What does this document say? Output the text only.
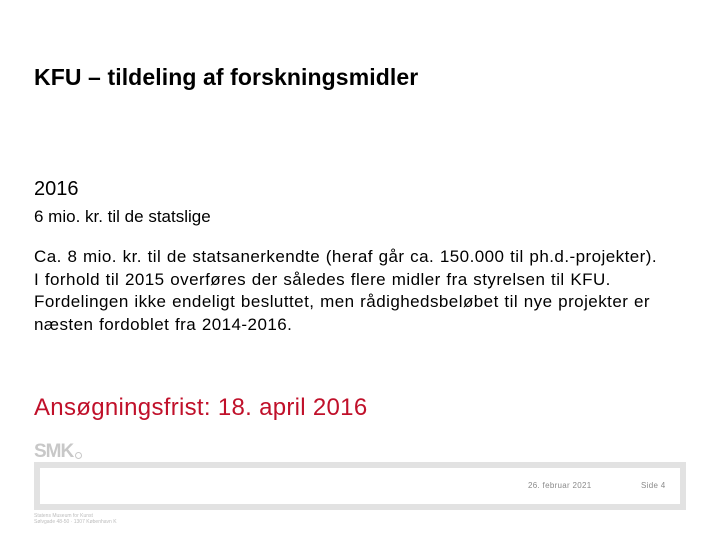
KFU – tildeling af forskningsmidler
2016
6 mio. kr. til de statslige
Ca. 8 mio. kr. til de statsanerkendte (heraf går ca. 150.000 til ph.d.-projekter). I forhold til 2015 overføres der således flere midler fra styrelsen til KFU. Fordelingen ikke endeligt besluttet, men rådighedsbeløbet til nye projekter er næsten fordoblet fra 2014-2016.
Ansøgningsfrist: 18. april 2016
SMK
26. februar 2021	Side 4
Statens Museum for Kunst
Sølvgade 48-50 · 1307 København K
